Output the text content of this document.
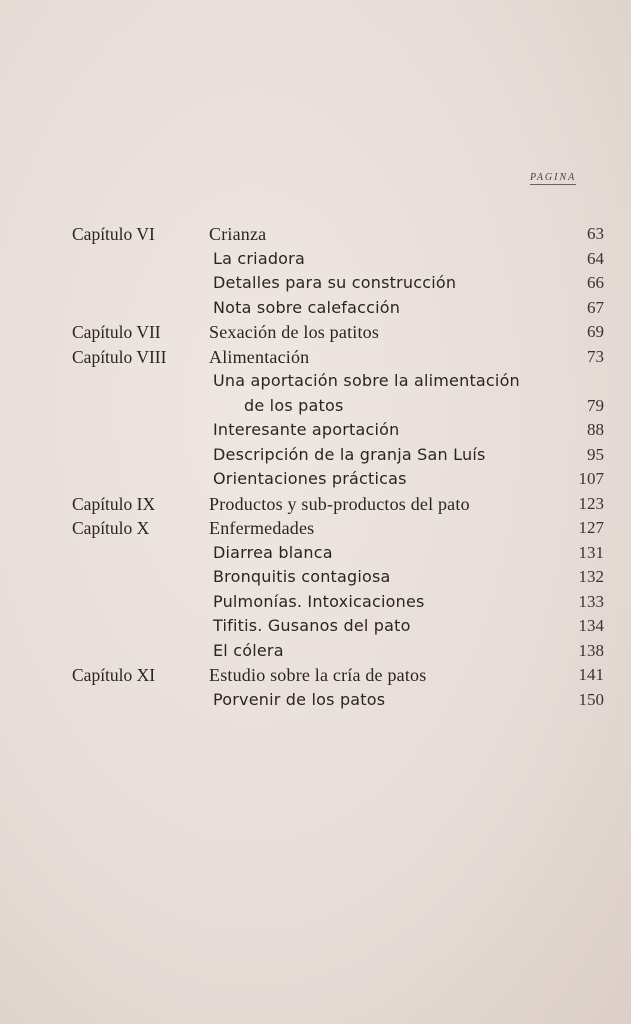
PAGINA
Capítulo VI	Crianza	63
La criadora	64
Detalles para su construcción	66
Nota sobre calefacción	67
Capítulo VII	Sexación de los patitos	69
Capítulo VIII Alimentación	73
Una aportación sobre la alimentación
de los patos	79
Interesante aportación	88
Descripción de la granja San Luís	95
Orientaciones prácticas	107
Capítulo IX	Productos y sub-productos del pato	123
Capítulo X	Enfermedades	127
Diarrea blanca	131
Bronquitis contagiosa	132
Pulmonías. Intoxicaciones	133
Tifitis. Gusanos del pato	134
El cólera	138
Capítulo XI	Estudio sobre la cría de patos	141
Porvenir de los patos	150
